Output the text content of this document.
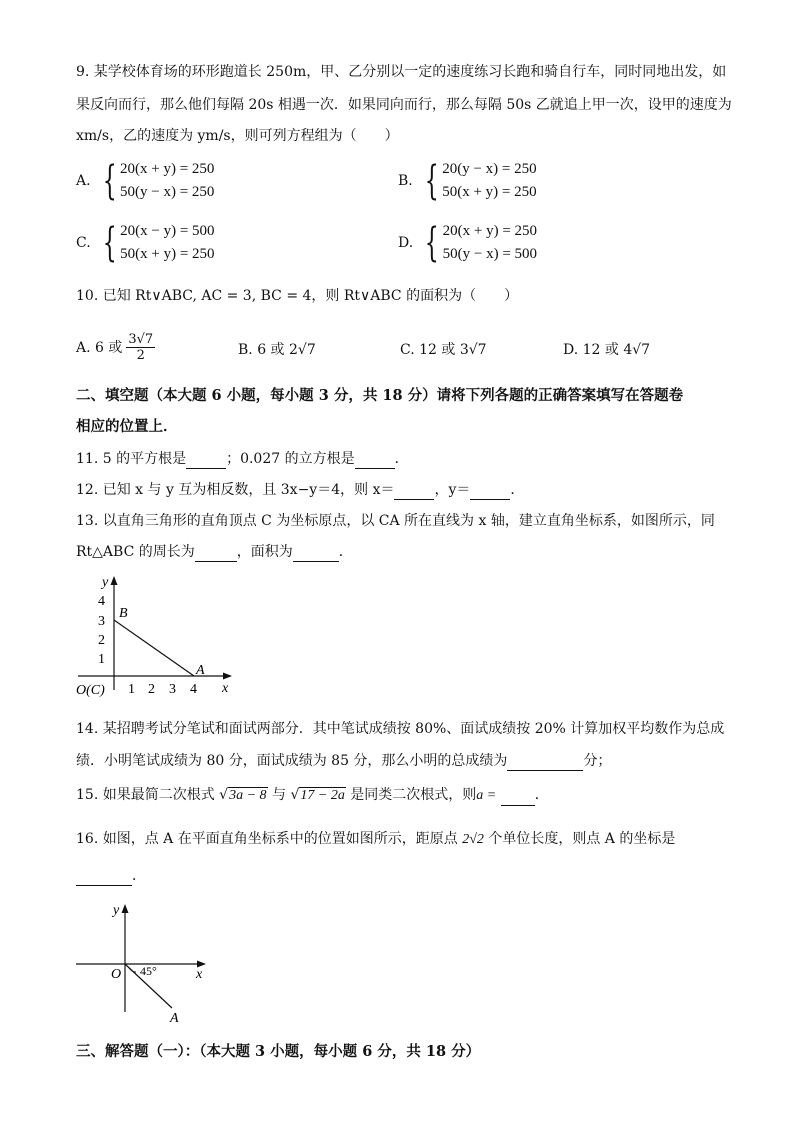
9. 某学校体育场的环形跑道长 250m，甲、乙分别以一定的速度练习长跑和骑自行车，同时同地出发，如
果反向而行，那么他们每隔 20s 相遇一次．如果同向而行，那么每隔 50s 乙就追上甲一次，设甲的速度为
xm/s，乙的速度为 ym/s，则可列方程组为（　　）
A. { 20(x + y) = 250
50(y − x) = 250
B. { 20(y − x) = 250
50(x + y) = 250
C. { 20(x − y) = 500
50(x + y) = 250
D. { 20(x + y) = 250
50(y − x) = 500
10. 已知 Rt∨ABC, AC = 3, BC = 4，则 Rt∨ABC 的面积为（　　）
A. 6 或 $\frac{3√7}{2}$	B. 6 或 2√7	C. 12 或 3√7	D. 12 或 4√7
二、填空题（本大题 6 小题，每小题 3 分，共 18 分）请将下列各题的正确答案填写在答题卷
相应的位置上．
11. 5 的平方根是	；0.027 的立方根是	．
12. 已知 x 与 y 互为相反数，且 3x−y＝4，则 x＝	，y＝	．
13. 以直角三角形的直角顶点 C 为坐标原点，以 CA 所在直线为 x 轴，建立直角坐标系，如图所示，同
Rt△ABC 的周长为	，面积为	．
y
4
3
2
1
B
A
O(C) 1 2 3 4 x
14. 某招聘考试分笔试和面试两部分．其中笔试成绩按 80%、面试成绩按 20% 计算加权平均数作为总成
绩．小明笔试成绩为 80 分，面试成绩为 85 分，那么小明的总成绩为	分；
15. 如果最简二次根式 √3a − 8 与 √17 − 2a 是同类二次根式，则a =	．
16. 如图，点 A 在平面直角坐标系中的位置如图所示，距原点 2√2 个单位长度，则点 A 的坐标是
．
y
x
O 45°
A
三、解答题（一）：（本大题 3 小题，每小题 6 分，共 18 分）
